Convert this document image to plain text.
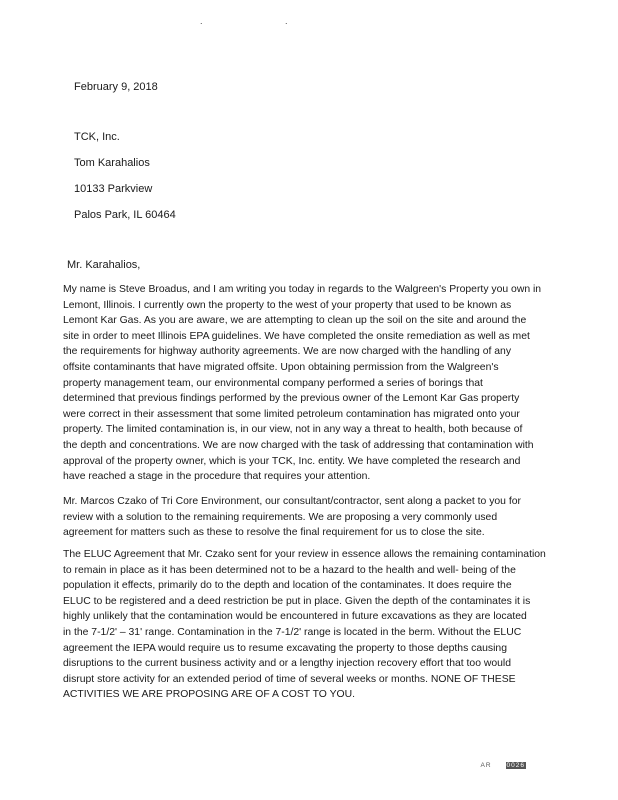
. .
February 9, 2018
TCK, Inc.
Tom Karahalios
10133 Parkview
Palos Park, IL 60464
Mr. Karahalios,
My name is Steve Broadus, and I am writing you today in regards to the Walgreen's Property you own in
Lemont, Illinois. I currently own the property to the west of your property that used to be known as
Lemont Kar Gas. As you are aware, we are attempting to clean up the soil on the site and around the
site in order to meet Illinois EPA guidelines. We have completed the onsite remediation as well as met
the requirements for highway authority agreements. We are now charged with the handling of any
offsite contaminants that have migrated offsite. Upon obtaining permission from the Walgreen's
property management team, our environmental company performed a series of borings that
determined that previous findings performed by the previous owner of the Lemont Kar Gas property
were correct in their assessment that some limited petroleum contamination has migrated onto your
property. The limited contamination is, in our view, not in any way a threat to health, both because of
the depth and concentrations. We are now charged with the task of addressing that contamination with
approval of the property owner, which is your TCK, Inc. entity. We have completed the research and
have reached a stage in the procedure that requires your attention.
Mr. Marcos Czako of Tri Core Environment, our consultant/contractor, sent along a packet to you for
review with a solution to the remaining requirements. We are proposing a very commonly used
agreement for matters such as these to resolve the final requirement for us to close the site.
The ELUC Agreement that Mr. Czako sent for your review in essence allows the remaining contamination
to remain in place as it has been determined not to be a hazard to the health and well- being of the
population it effects, primarily do to the depth and location of the contaminates. It does require the
ELUC to be registered and a deed restriction be put in place. Given the depth of the contaminates it is
highly unlikely that the contamination would be encountered in future excavations as they are located
in the 7-1/2' – 31' range. Contamination in the 7-1/2' range is located in the berm. Without the ELUC
agreement the IEPA would require us to resume excavating the property to those depths causing
disruptions to the current business activity and or a lengthy injection recovery effort that too would
disrupt store activity for an extended period of time of several weeks or months. NONE OF THESE
ACTIVITIES WE ARE PROPOSING ARE OF A COST TO YOU.
AR 0026
